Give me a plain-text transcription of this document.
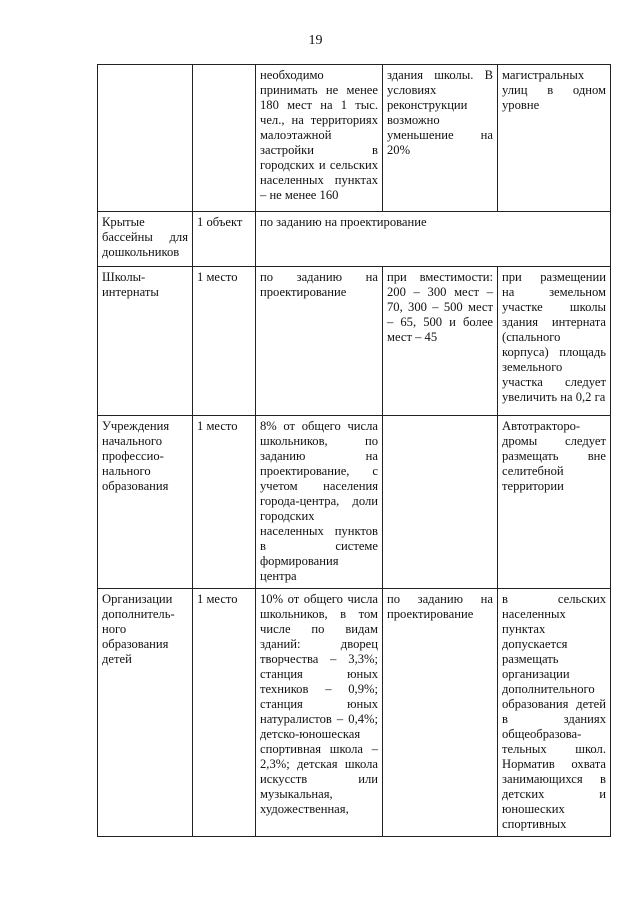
19
		необходимо принимать не менее 180 мест на 1 тыс. чел., на территориях малоэтажной застройки в городских и сельских населенных пунктах – не менее 160	здания школы. В условиях реконструкции возможно уменьшение на 20%	магистральных улиц в одном уровне
Крытые бассейны для дошкольников	1 объект	по заданию на проектирование		
Школы-интернаты	1 место	по заданию на проектирование	при вместимости: 200 – 300 мест – 70, 300 – 500 мест – 65, 500 и более мест – 45	при размещении на земельном участке школы здания интерната (спального корпуса) площадь земельного участка следует увеличить на 0,2 га
Учреждения начального профессио-нального образования	1 место	8% от общего числа школьников, по заданию на проектирование, с учетом населения города-центра, доли городских населенных пунктов в системе формирования центра		Автотракторо-дромы следует размещать вне селитебной территории
Организации дополнитель-ного образования детей	1 место	10% от общего числа школьников, в том числе по видам зданий: дворец творчества – 3,3%; станция юных техников – 0,9%; станция юных натуралистов – 0,4%; детско-юношеская спортивная школа – 2,3%; детская школа искусств или музыкальная, художественная,	по заданию на проектирование	в сельских населенных пунктах допускается размещать организации дополнительного образования детей в зданиях общеобразова-тельных школ. Норматив охвата занимающихся в детских и юношеских спортивных
